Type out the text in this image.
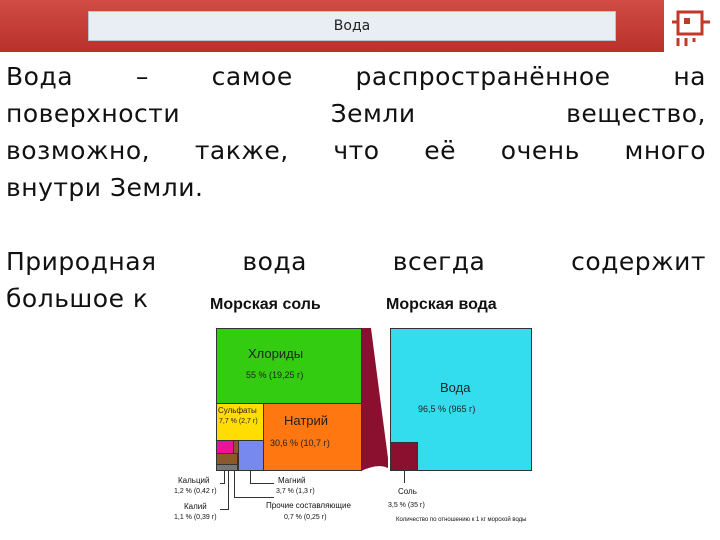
Вода
Вода – самое распространённое на
поверхности Земли вещество,
возможно, также, что её очень много
внутри Земли.
Природная вода всегда содержит
большое к	Морская соль	Морская вода
Хлориды
55 % (19,25 г)
Сульфаты
7,7 % (2,7 г) Натрий
30,6 % (10,7 г)
Вода
96,5 % (965 г)
Кальций
1,2 % (0,42 г)
Калий
1,1 % (0,39 г)
Магний
3,7 % (1,3 г)
Прочие составляющие
0,7 % (0,25 г)
Соль
3,5 % (35 г)
Количество по отношению к 1 кг морской воды
